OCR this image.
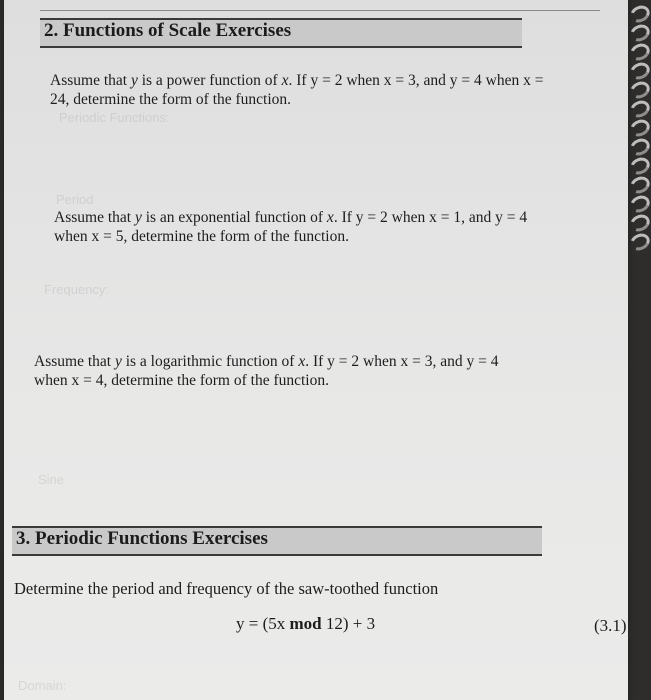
2. Functions of Scale Exercises
Assume that y is a power function of x. If y = 2 when x = 3, and y = 4 when x =
24, determine the form of the function.
Periodic Functions:
Period
Assume that y is an exponential function of x. If y = 2 when x = 1, and y = 4
when x = 5, determine the form of the function.
Frequency:
Assume that y is a logarithmic function of x. If y = 2 when x = 3, and y = 4
when x = 4, determine the form of the function.
Sine
3. Periodic Functions Exercises
Determine the period and frequency of the saw-toothed function
y = (5x mod 12) + 3	(3.1)
Domain:
